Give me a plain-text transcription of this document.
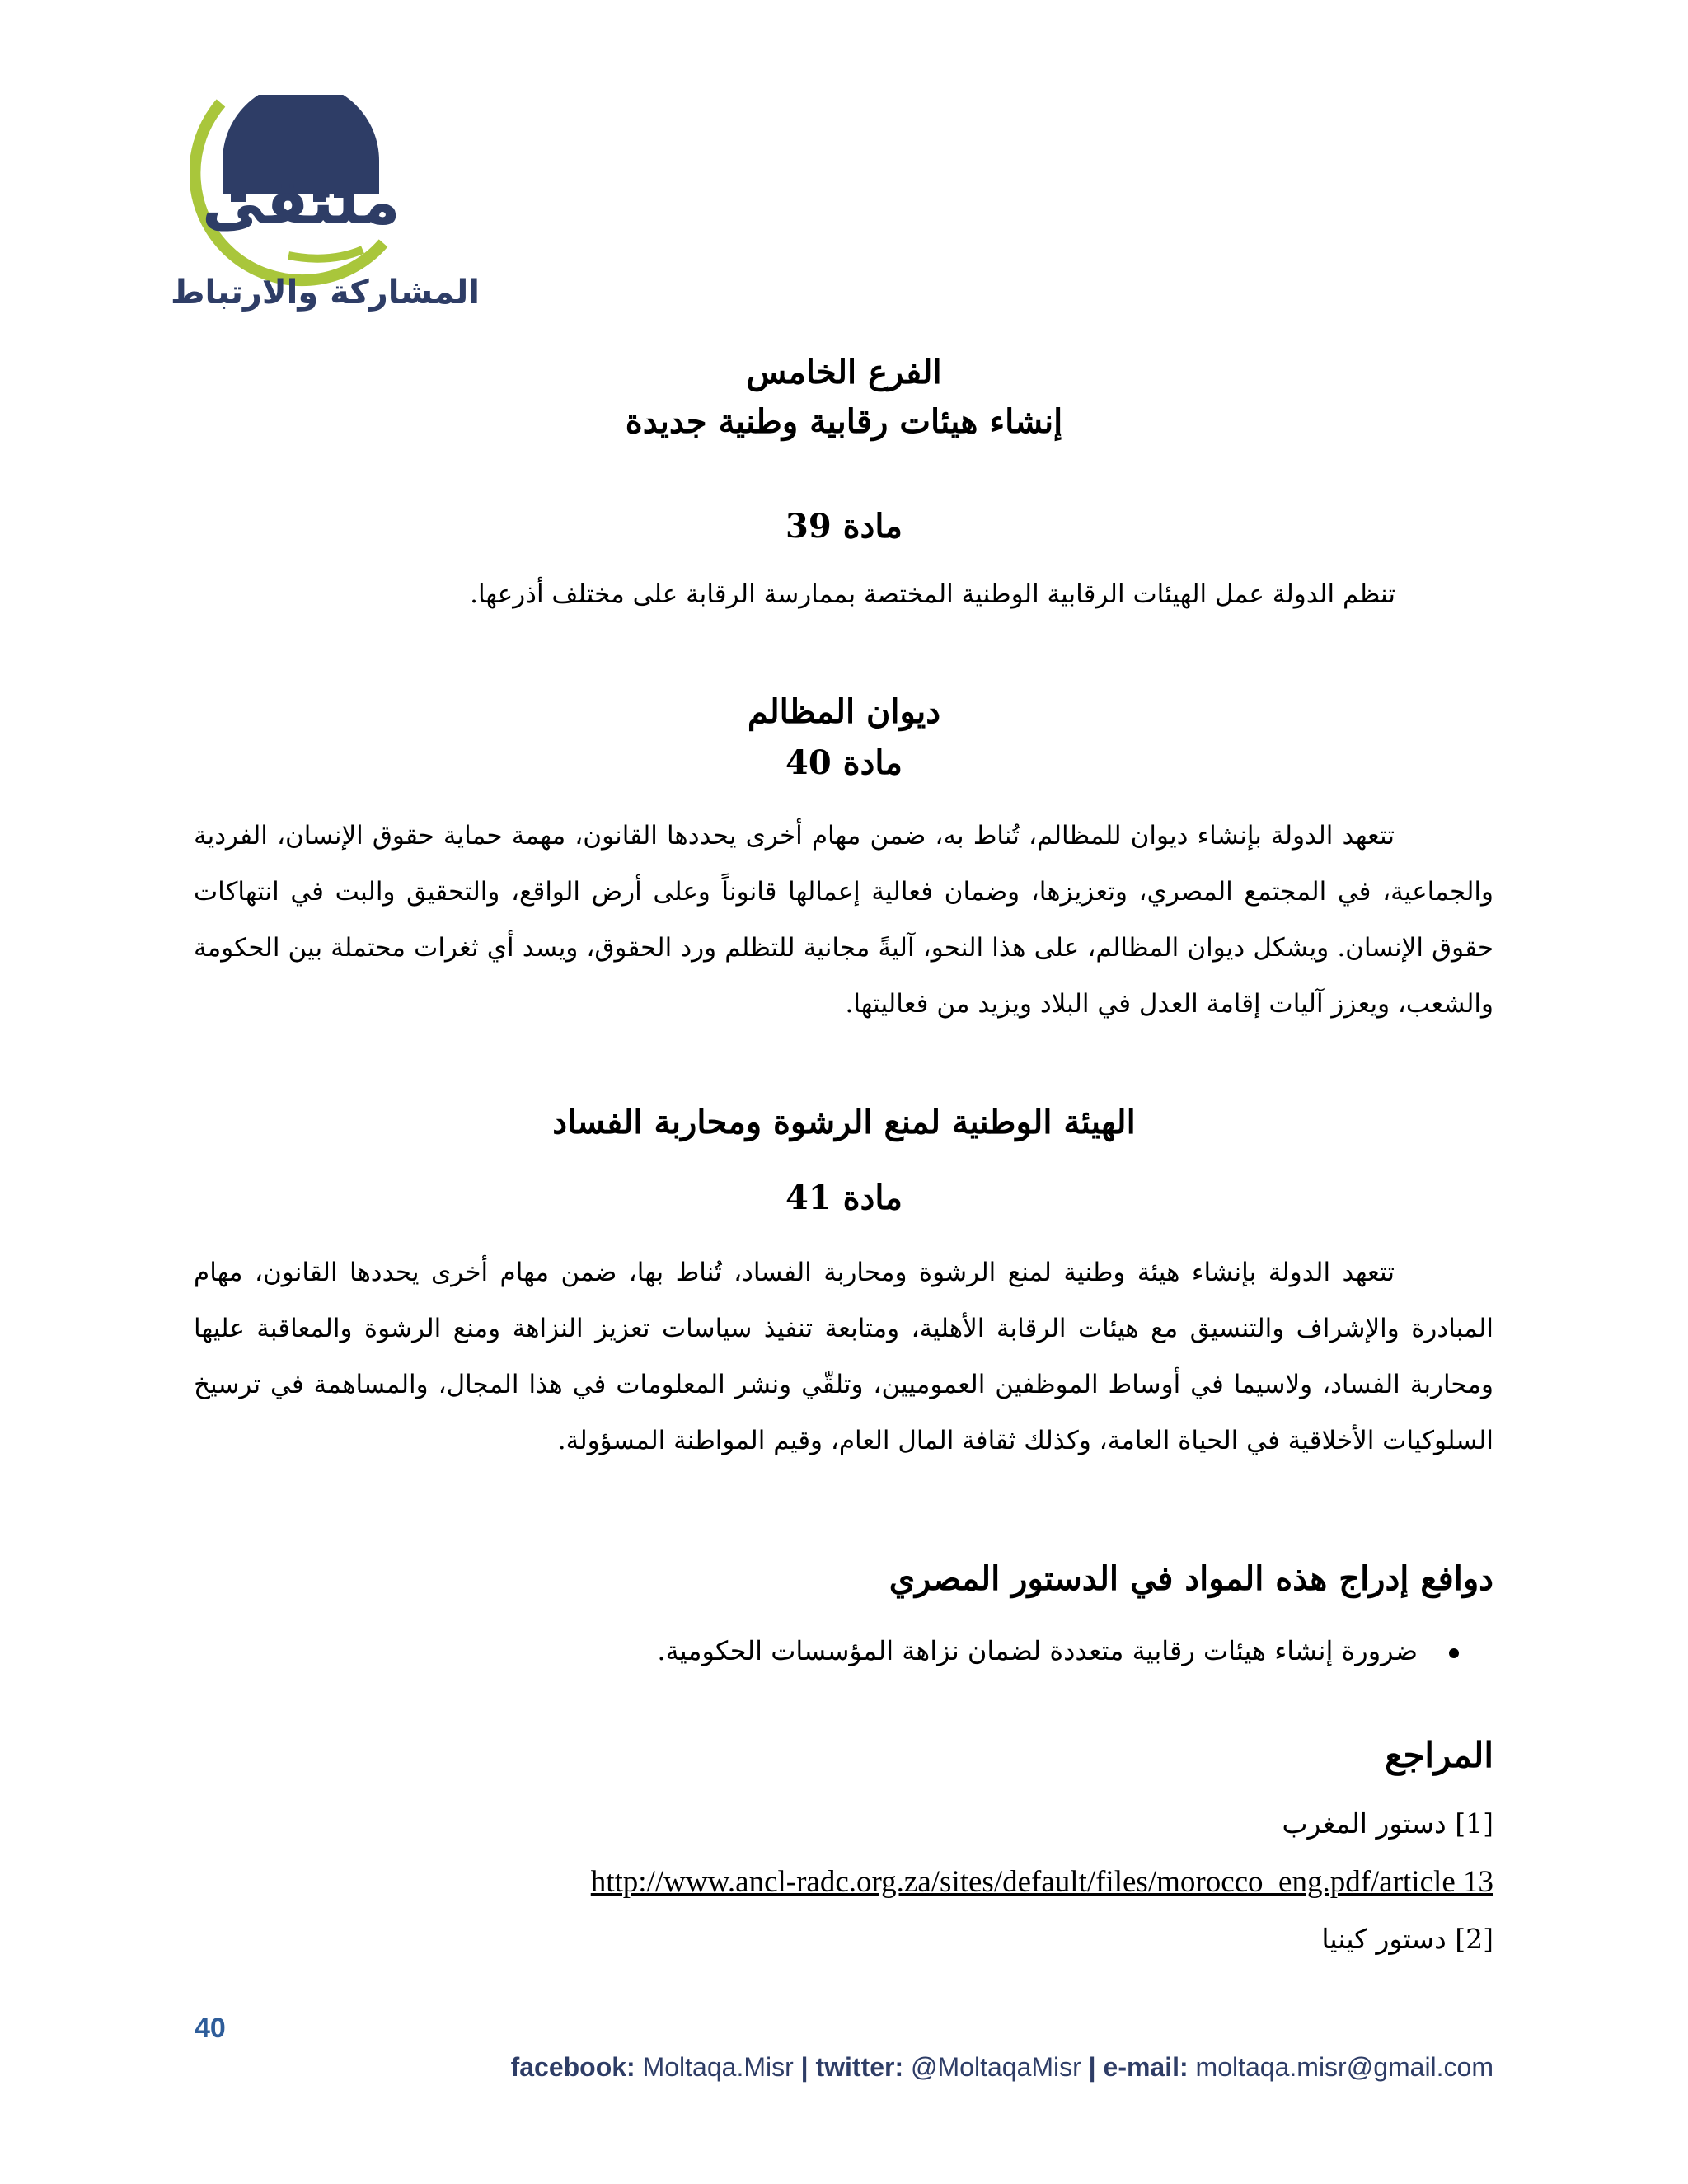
ملتقى
المشاركة والارتباط
الفرع الخامس
إنشاء هيئات رقابية وطنية جديدة
مادة 39
تنظم الدولة عمل الهيئات الرقابية الوطنية المختصة بممارسة الرقابة على مختلف أذرعها.
ديوان المظالم
مادة 40
تتعهد الدولة بإنشاء ديوان للمظالم، تُناط به، ضمن مهام أخرى يحددها القانون، مهمة حماية حقوق الإنسان، الفردية والجماعية، في المجتمع المصري، وتعزيزها، وضمان فعالية إعمالها قانوناً وعلى أرض الواقع، والتحقيق والبت في انتهاكات حقوق الإنسان. ويشكل ديوان المظالم، على هذا النحو، آليةً مجانية للتظلم ورد الحقوق، ويسد أي ثغرات محتملة بين الحكومة والشعب، ويعزز آليات إقامة العدل في البلاد ويزيد من فعاليتها.
الهيئة الوطنية لمنع الرشوة ومحاربة الفساد
مادة 41
تتعهد الدولة بإنشاء هيئة وطنية لمنع الرشوة ومحاربة الفساد، تُناط بها، ضمن مهام أخرى يحددها القانون، مهام المبادرة والإشراف والتنسيق مع هيئات الرقابة الأهلية، ومتابعة تنفيذ سياسات تعزيز النزاهة ومنع الرشوة والمعاقبة عليها ومحاربة الفساد، ولاسيما في أوساط الموظفين العموميين، وتلقّي ونشر المعلومات في هذا المجال، والمساهمة في ترسيخ السلوكيات الأخلاقية في الحياة العامة، وكذلك ثقافة المال العام، وقيم المواطنة المسؤولة.
دوافع إدراج هذه المواد في الدستور المصري
ضرورة إنشاء هيئات رقابية متعددة لضمان نزاهة المؤسسات الحكومية.
المراجع
[1] دستور المغرب
http://www.ancl-radc.org.za/sites/default/files/morocco_eng.pdf/article 13
[2] دستور كينيا
40
facebook: Moltaqa.Misr | twitter: @MoltaqaMisr | e-mail: moltaqa.misr@gmail.com
